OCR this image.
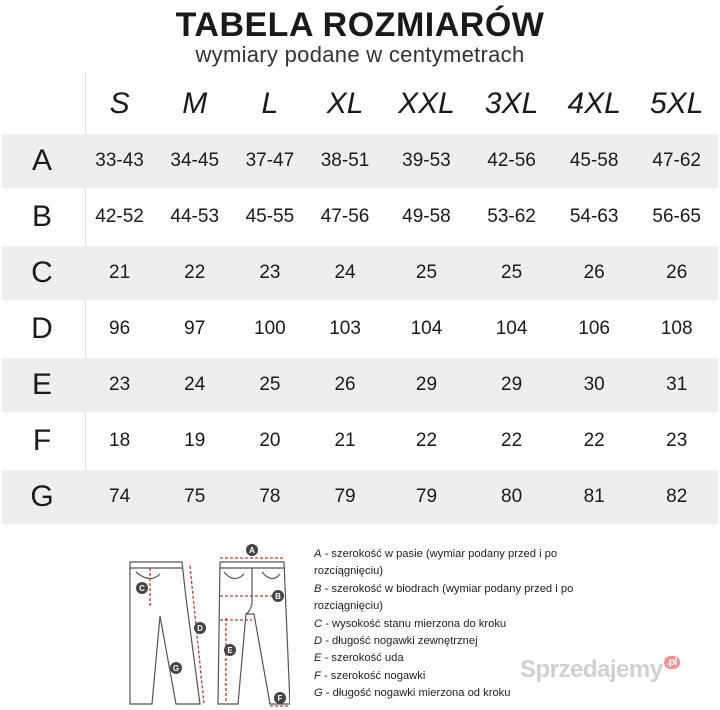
TABELA ROZMIARÓW
wymiary podane w centymetrach
	S	M	L	XL	XXL	3XL	4XL	5XL
A	33-43	34-45	37-47	38-51	39-53	42-56	45-58	47-62
B	42-52	44-53	45-55	47-56	49-58	53-62	54-63	56-65
C	21	22	23	24	25	25	26	26
D	96	97	100	103	104	104	106	108
E	23	24	25	26	29	29	30	31
F	18	19	20	21	22	22	22	23
G	74	75	78	79	79	80	81	82
A
B
C
D
E
F
G
A - szerokość w pasie (wymiar podany przed i po rozciągnięciu)
B - szerokość w biodrach (wymiar podany przed i po rozciągnięciu)
C - wysokość stanu mierzona do kroku
D - długość nogawki zewnętrznej
E - szerokość uda
F - szerokość nogawki
G - długość nogawki mierzona od kroku
Sprzedajemy .pl
